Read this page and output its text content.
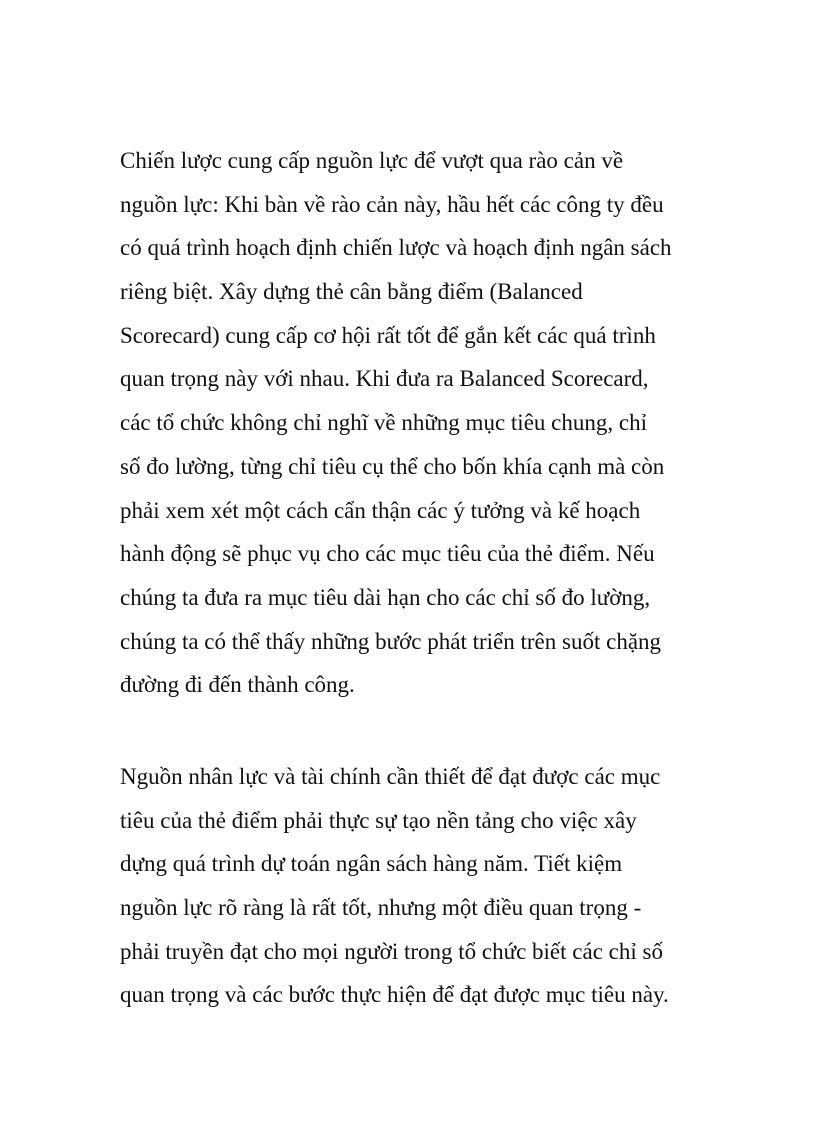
Chiến lược cung cấp nguồn lực để vượt qua rào cản về
nguồn lực: Khi bàn về rào cản này, hầu hết các công ty đều
có quá trình hoạch định chiến lược và hoạch định ngân sách
riêng biệt. Xây dựng thẻ cân bằng điểm (Balanced
Scorecard) cung cấp cơ hội rất tốt để gắn kết các quá trình
quan trọng này với nhau. Khi đưa ra Balanced Scorecard,
các tổ chức không chỉ nghĩ về những mục tiêu chung, chỉ
số đo lường, từng chỉ tiêu cụ thể cho bốn khía cạnh mà còn
phải xem xét một cách cẩn thận các ý tưởng và kế hoạch
hành động sẽ phục vụ cho các mục tiêu của thẻ điểm. Nếu
chúng ta đưa ra mục tiêu dài hạn cho các chỉ số đo lường,
chúng ta có thể thấy những bước phát triển trên suốt chặng
đường đi đến thành công.
Nguồn nhân lực và tài chính cần thiết để đạt được các mục
tiêu của thẻ điểm phải thực sự tạo nền tảng cho việc xây
dựng quá trình dự toán ngân sách hàng năm. Tiết kiệm
nguồn lực rõ ràng là rất tốt, nhưng một điều quan trọng -
phải truyền đạt cho mọi người trong tổ chức biết các chỉ số
quan trọng và các bước thực hiện để đạt được mục tiêu này.
